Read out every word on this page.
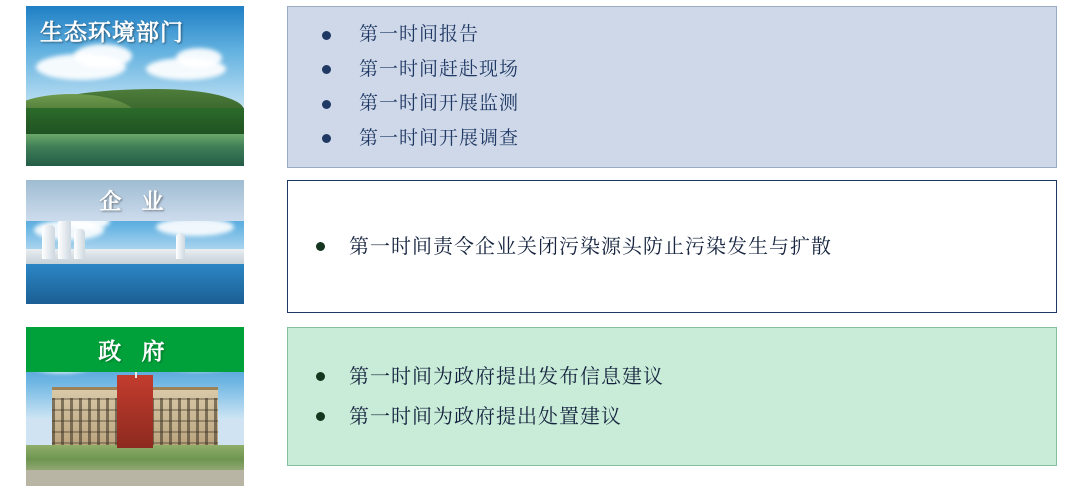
生态环境部门	第一时间报告
第一时间赶赴现场
第一时间开展监测
第一时间开展调查
企 业
第一时间责令企业关闭污染源头防止污染发生与扩散
政 府
第一时间为政府提出发布信息建议
第一时间为政府提出处置建议
